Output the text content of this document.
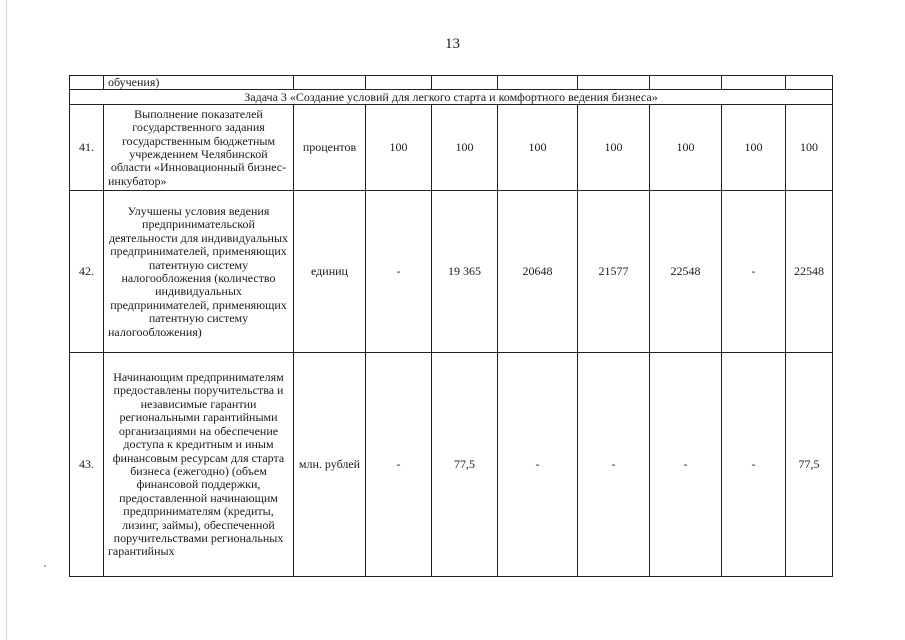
13
	обучения)								
Задача 3 «Создание условий для легкого старта и комфортного ведения бизнеса»									
41.	Выполнение показателей государственного задания государственным бюджетным учреждением Челябинской области «Инновационный бизнес-инкубатор»	процентов	100	100	100	100	100	100	100
42.	Улучшены условия ведения предпринимательской деятельности для индивидуальных предпринимателей, применяющих патентную систему налогообложения (количество индивидуальных предпринимателей, применяющих патентную систему налогообложения)	единиц	-	19 365	20648	21577	22548	-	22548
43.	Начинающим предпринимателям предоставлены поручительства и независимые гарантии региональными гарантийными организациями на обеспечение доступа к кредитным и иным финансовым ресурсам для старта бизнеса (ежегодно) (объем финансовой поддержки, предоставленной начинающим предпринимателям (кредиты, лизинг, займы), обеспеченной поручительствами региональных гарантийных	млн. рублей	-	77,5	-	-	-	-	77,5
